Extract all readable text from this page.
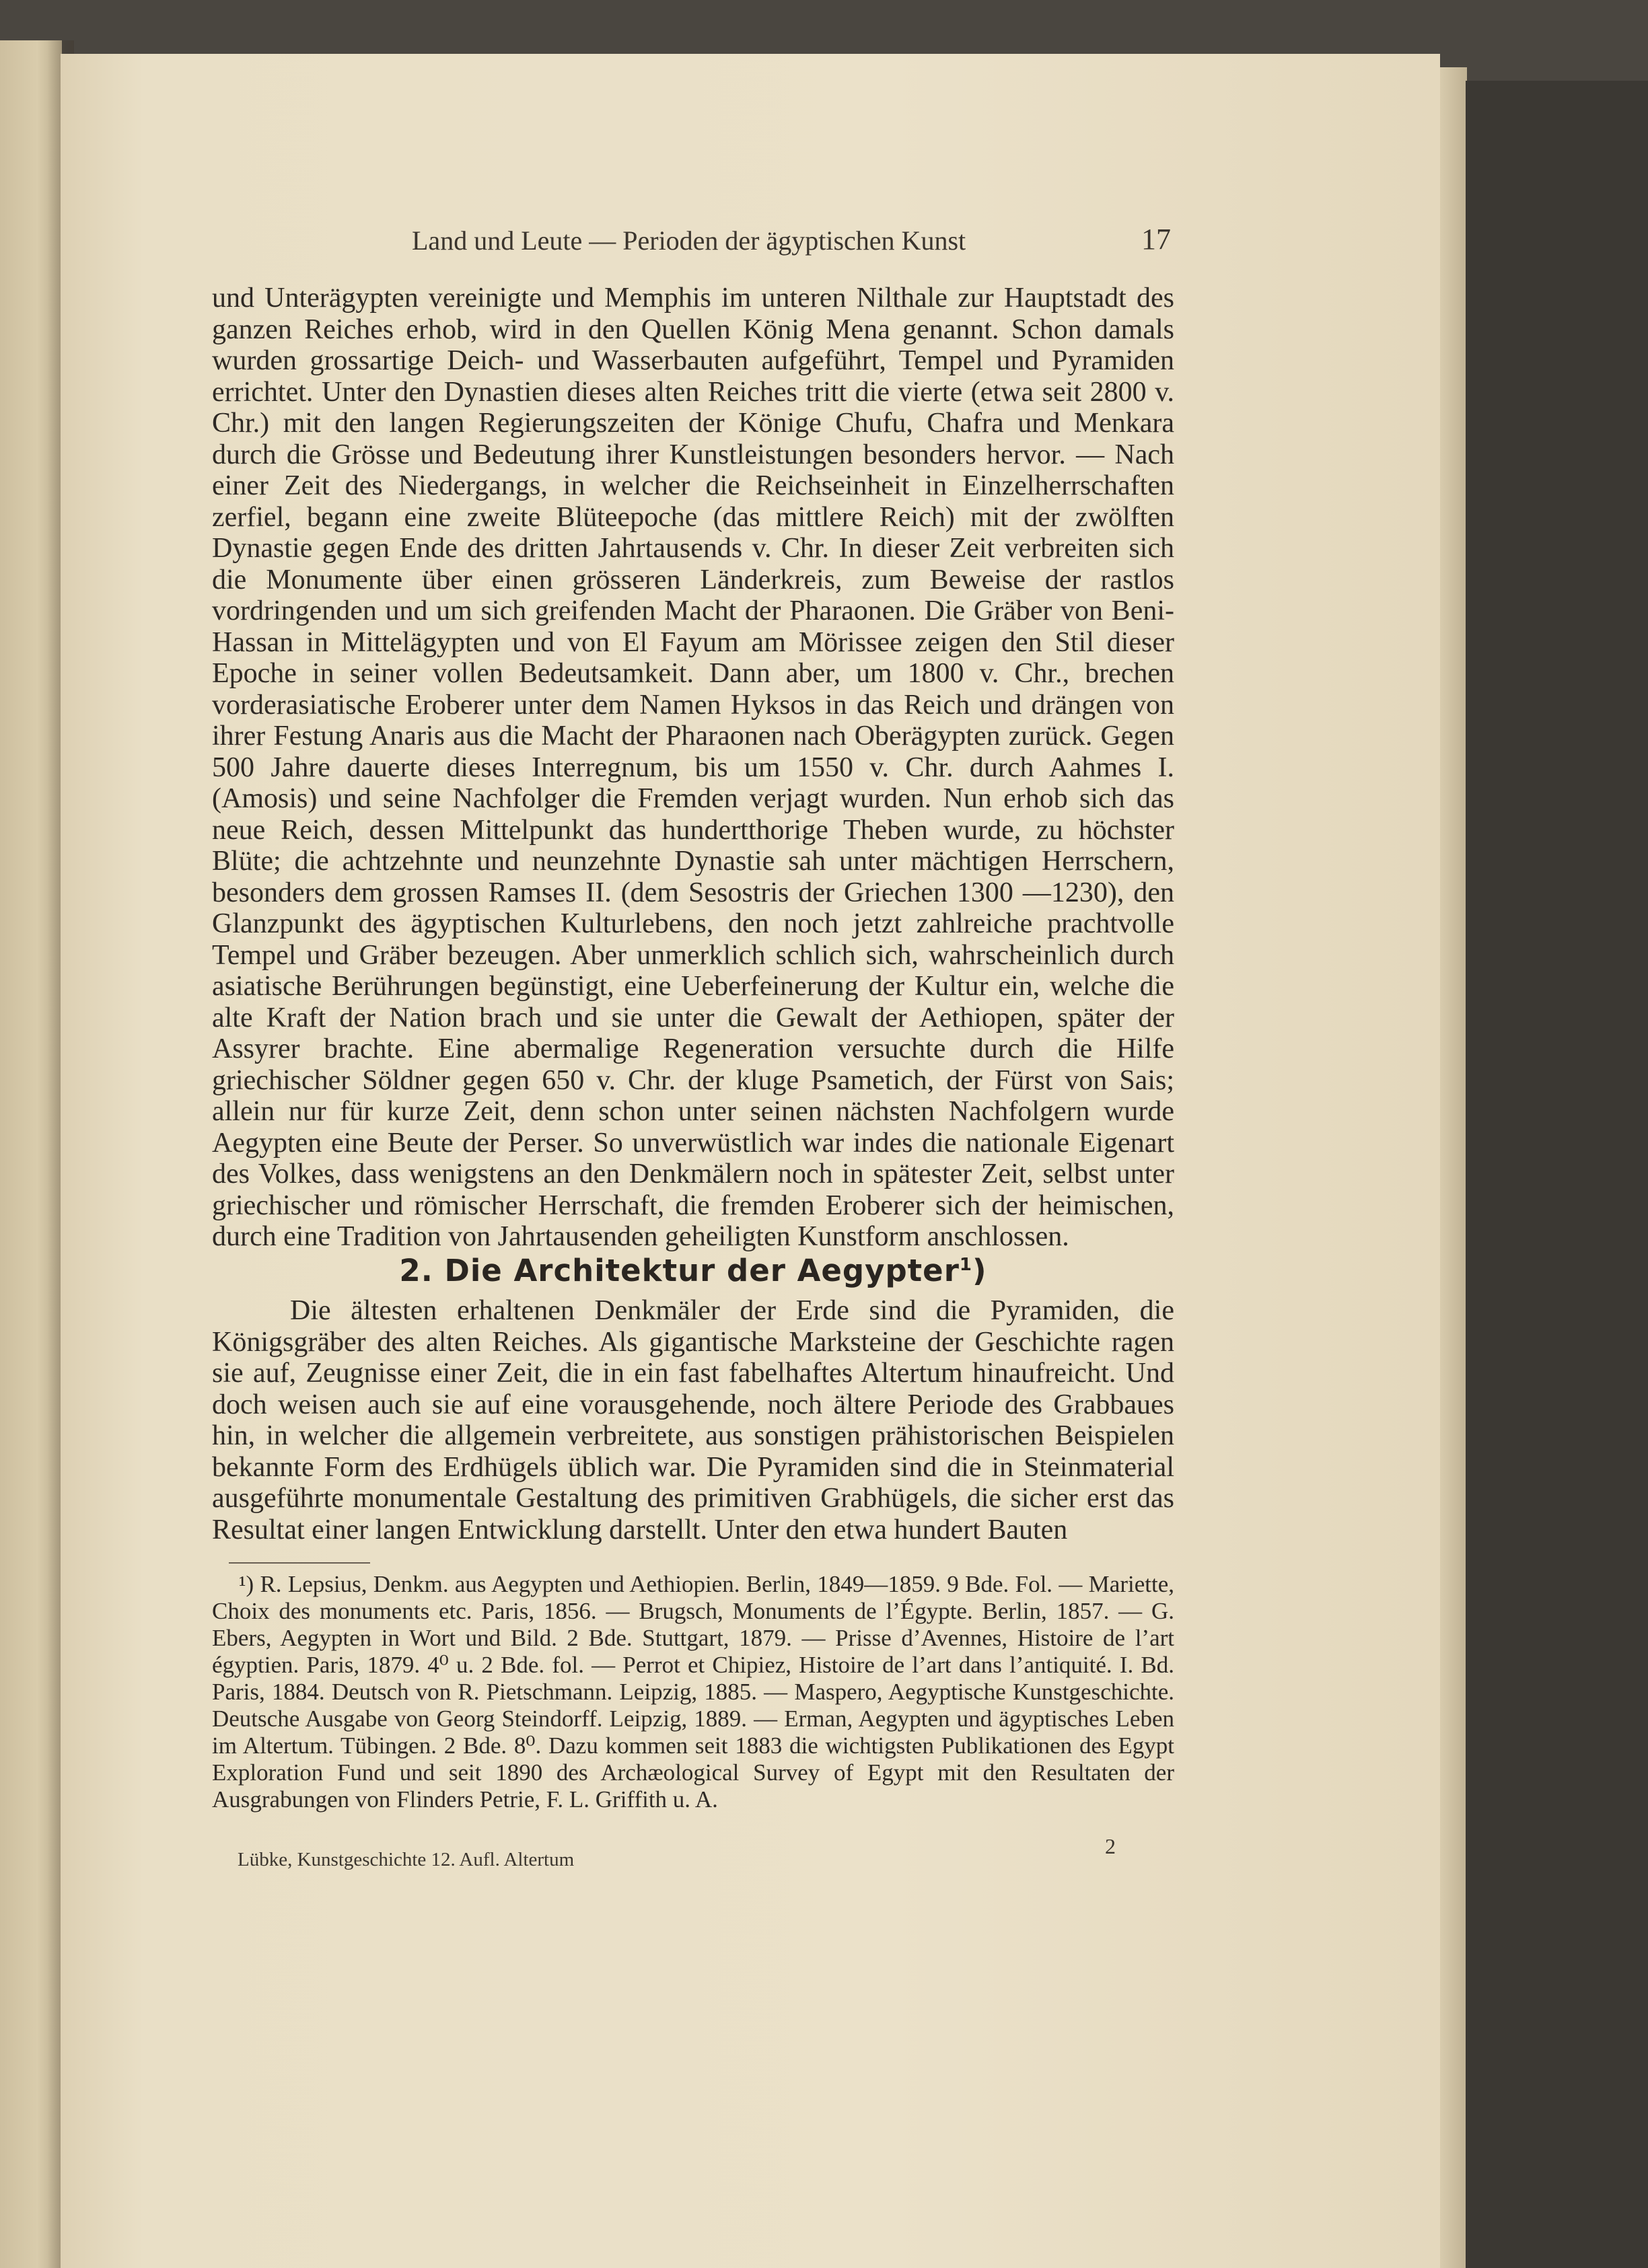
Land und Leute — Perioden der ägyptischen Kunst	17

und Unterägypten vereinigte und Memphis im unteren Nilthale zur Hauptstadt des ganzen Reiches erhob, wird in den Quellen König Mena genannt. Schon damals wurden grossartige Deich- und Wasserbauten aufgeführt, Tempel und Pyramiden errichtet. Unter den Dynastien dieses alten Reiches tritt die vierte (etwa seit 2800 v. Chr.) mit den langen Regierungszeiten der Könige Chufu, Chafra und Menkara durch die Grösse und Bedeutung ihrer Kunstleistungen besonders hervor. — Nach einer Zeit des Niedergangs, in welcher die Reichseinheit in Einzelherrschaften zerfiel, begann eine zweite Blüteepoche (das mittlere Reich) mit der zwölften Dynastie gegen Ende des dritten Jahrtausends v. Chr. In dieser Zeit verbreiten sich die Monumente über einen grösseren Länderkreis, zum Beweise der rastlos vordringenden und um sich greifenden Macht der Pharaonen. Die Gräber von Beni-Hassan in Mittelägypten und von El Fayum am Mörissee zeigen den Stil dieser Epoche in seiner vollen Bedeutsamkeit. Dann aber, um 1800 v. Chr., brechen vorderasiatische Eroberer unter dem Namen Hyksos in das Reich und drängen von ihrer Festung Anaris aus die Macht der Pharaonen nach Oberägypten zurück. Gegen 500 Jahre dauerte dieses Interregnum, bis um 1550 v. Chr. durch Aahmes I. (Amosis) und seine Nachfolger die Fremden verjagt wurden. Nun erhob sich das neue Reich, dessen Mittelpunkt das hundertthorige Theben wurde, zu höchster Blüte; die achtzehnte und neunzehnte Dynastie sah unter mächtigen Herrschern, besonders dem grossen Ramses II. (dem Sesostris der Griechen 1300 —1230), den Glanzpunkt des ägyptischen Kulturlebens, den noch jetzt zahlreiche prachtvolle Tempel und Gräber bezeugen. Aber unmerklich schlich sich, wahrscheinlich durch asiatische Berührungen begünstigt, eine Ueberfeinerung der Kultur ein, welche die alte Kraft der Nation brach und sie unter die Gewalt der Aethiopen, später der Assyrer brachte. Eine abermalige Regeneration versuchte durch die Hilfe griechischer Söldner gegen 650 v. Chr. der kluge Psametich, der Fürst von Sais; allein nur für kurze Zeit, denn schon unter seinen nächsten Nachfolgern wurde Aegypten eine Beute der Perser. So unverwüstlich war indes die nationale Eigenart des Volkes, dass wenigstens an den Denkmälern noch in spätester Zeit, selbst unter griechischer und römischer Herrschaft, die fremden Eroberer sich der heimischen, durch eine Tradition von Jahrtausenden geheiligten Kunstform anschlossen.

2. Die Architektur der Aegypter$^1$)

Die ältesten erhaltenen Denkmäler der Erde sind die Pyramiden, die Königsgräber des alten Reiches. Als gigantische Marksteine der Geschichte ragen sie auf, Zeugnisse einer Zeit, die in ein fast fabelhaftes Altertum hinaufreicht. Und doch weisen auch sie auf eine vorausgehende, noch ältere Periode des Grabbaues hin, in welcher die allgemein verbreitete, aus sonstigen prähistorischen Beispielen bekannte Form des Erdhügels üblich war. Die Pyramiden sind die in Steinmaterial ausgeführte monumentale Gestaltung des primitiven Grabhügels, die sicher erst das Resultat einer langen Entwicklung darstellt. Unter den etwa hundert Bauten

¹) R. Lepsius, Denkm. aus Aegypten und Aethiopien. Berlin, 1849—1859. 9 Bde. Fol. — Mariette, Choix des monuments etc. Paris, 1856. — Brugsch, Monuments de l’Égypte. Berlin, 1857. — G. Ebers, Aegypten in Wort und Bild. 2 Bde. Stuttgart, 1879. — Prisse d’Avennes, Histoire de l’art égyptien. Paris, 1879. 4⁰ u. 2 Bde. fol. — Perrot et Chipiez, Histoire de l’art dans l’antiquité. I. Bd. Paris, 1884. Deutsch von R. Pietschmann. Leipzig, 1885. — Maspero, Aegyptische Kunstgeschichte. Deutsche Ausgabe von Georg Steindorff. Leipzig, 1889. — Erman, Aegypten und ägyptisches Leben im Altertum. Tübingen. 2 Bde. 8⁰. Dazu kommen seit 1883 die wichtigsten Publikationen des Egypt Exploration Fund und seit 1890 des Archæological Survey of Egypt mit den Resultaten der Ausgrabungen von Flinders Petrie, F. L. Griffith u. A.

Lübke, Kunstgeschichte 12. Aufl. Altertum
2
